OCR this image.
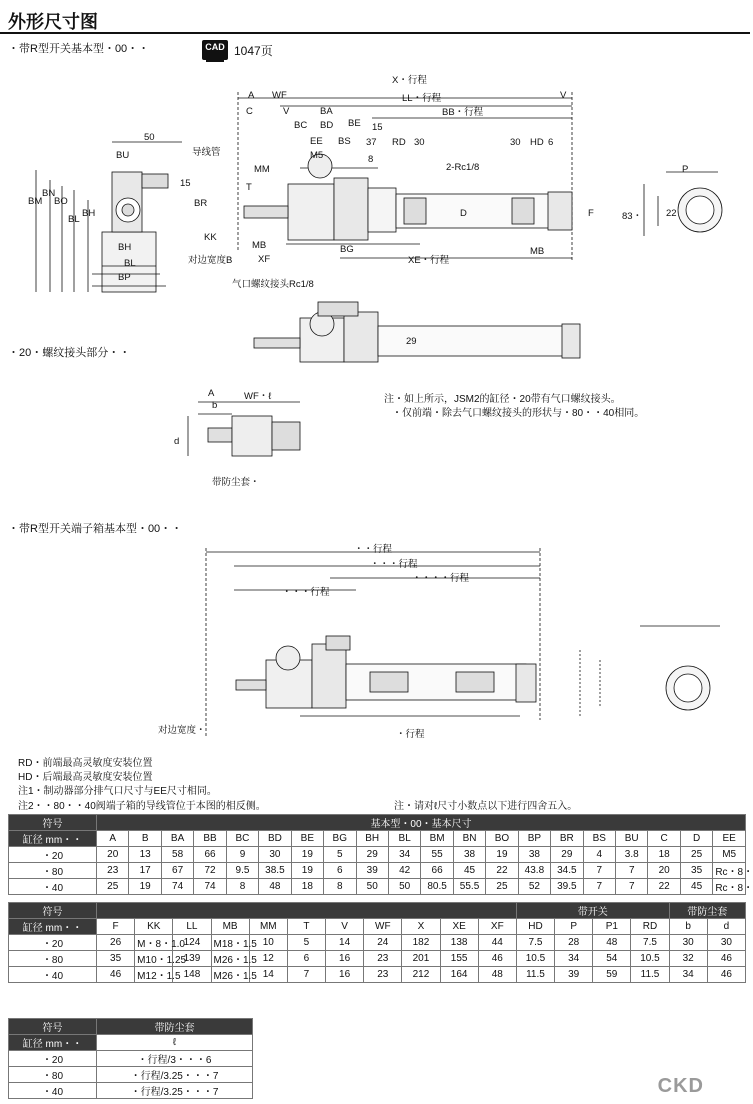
外形尺寸图
・带R型开关基本型・00・・	CAD 1047页
X・行程
LL・行程
BB・行程
A WF	V
C	V	BA
BC BD BE 15
EE BS 37 RD 30	30 HD 6
M5	8
2-Rc1/8
50
导线管
BU
15
BR
BM
BN
BO
BL
BH
BH
BL
BP
MM
T
KK
MB
对边宽度B	XF
BG
XE・行程
MB
D	F
P
22
83・
气口螺纹接头Rc1/8
・20・螺纹接头部分・・
29
A	WF・ℓ
b
d
带防尘套・
注・如上所示，JSM2的缸径・20带有气口螺纹接头。
・仅前端・除去气口螺纹接头的形状与・80・・40相同。
・带R型开关端子箱基本型・00・・
・・行程
・・・行程
・・・・行程
・・・行程
对边宽度・	・行程
RD・前端最高灵敏度安装位置
HD・后端最高灵敏度安装位置
注1・制动器部分排气口尺寸与EE尺寸相同。
注2・・80・・40阀端子箱的导线管位于本图的相反侧。	注・请对ℓ尺寸小数点以下进行四舍五入。
符号	基本型・00・基本尺寸																			
缸径 mm・・	A	B	BA	BB	BC	BD	BE	BG	BH	BL	BM	BN	BO	BP	BR	BS	BU	C	D	EE
・20	20	13	58	66	9	30	19	5	29	34	55	38	19	38	29	4	3.8	18	25	M5
・80	23	17	67	72	9.5	38.5	19	6	39	42	66	45	22	43.8	34.5	7	7	20	35	Rc・8・
・40	25	19	74	74	8	48	18	8	50	50	80.5	55.5	25	52	39.5	7	7	22	45	Rc・8・
符号												带开关				带防尘套	
缸径 mm・・	F	KK	LL	MB	MM	T	V	WF	X	XE	XF	HD	P	P1	RD	b	d
・20	26	M・8・1.0	124	M18・1.5	10	5	14	24	182	138	44	7.5	28	48	7.5	30	30
・80	35	M10・1.25	139	M26・1.5	12	6	16	23	201	155	46	10.5	34	54	10.5	32	46
・40	46	M12・1.5	148	M26・1.5	14	7	16	23	212	164	48	11.5	39	59	11.5	34	46
符号	带防尘套
缸径 mm・・	ℓ
・20	・行程/3・・・6
・80	・行程/3.25・・・7
・40	・行程/3.25・・・7	CKD
